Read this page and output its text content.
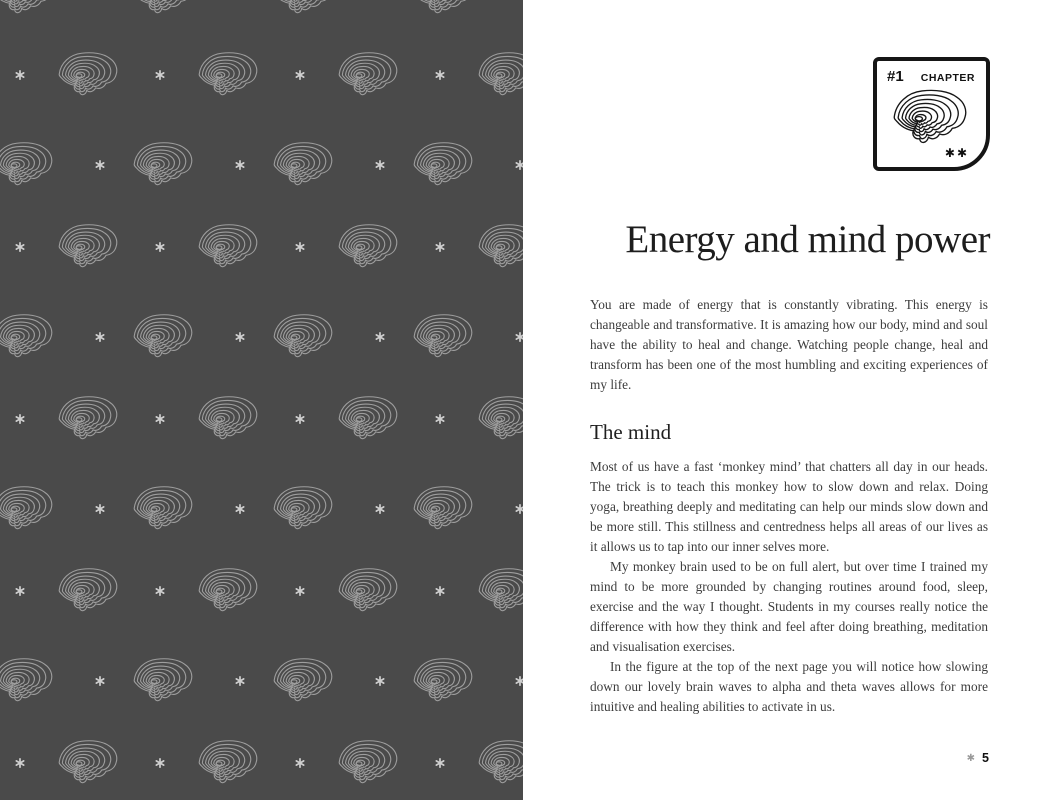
#1 CHAPTER
✱✱
Energy and mind power

You are made of energy that is constantly vibrating. This energy is changeable and transformative. It is amazing how our body, mind and soul have the ability to heal and change. Watching people change, heal and transform has been one of the most humbling and exciting experiences of my life.

The mind

Most of us have a fast ‘monkey mind’ that chatters all day in our heads. The trick is to teach this monkey how to slow down and relax. Doing yoga, breathing deeply and meditating can help our minds slow down and be more still. This stillness and centredness helps all areas of our lives as it allows us to tap into our inner selves more.

My monkey brain used to be on full alert, but over time I trained my mind to be more grounded by changing routines around food, sleep, exercise and the way I thought. Students in my courses really notice the difference with how they think and feel after doing breathing, meditation and visualisation exercises.

In the figure at the top of the next page you will notice how slowing down our lovely brain waves to alpha and theta waves allows for more intuitive and healing abilities to activate in us.

✱ 5
